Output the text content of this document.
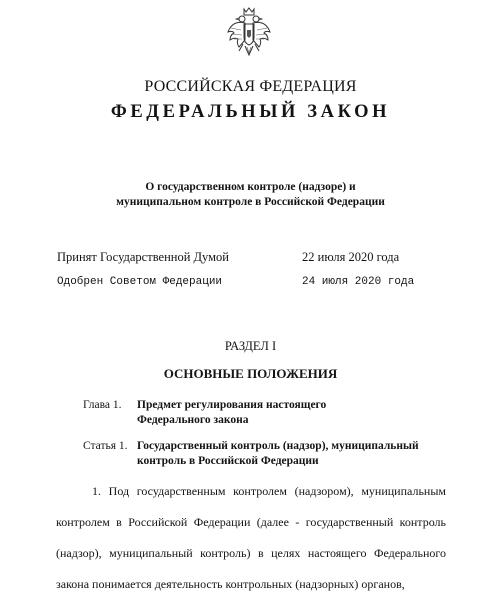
РОССИЙСКАЯ ФЕДЕРАЦИЯ
ФЕДЕРАЛЬНЫЙ ЗАКОН
О государственном контроле (надзоре) и
муниципальном контроле в Российской Федерации
Принят Государственной Думой	22 июля 2020 года
Одобрен Советом Федерации	24 июля 2020 года
РАЗДЕЛ I
ОСНОВНЫЕ ПОЛОЖЕНИЯ
Глава 1. Предмет регулирования настоящего
Федерального закона
Статья 1. Государственный контроль (надзор), муниципальный
контроль в Российской Федерации
1. Под государственным контролем (надзором), муниципальным контролем в Российской Федерации (далее - государственный контроль (надзор), муниципальный контроль) в целях настоящего Федерального закона понимается деятельность контрольных (надзорных) органов,
